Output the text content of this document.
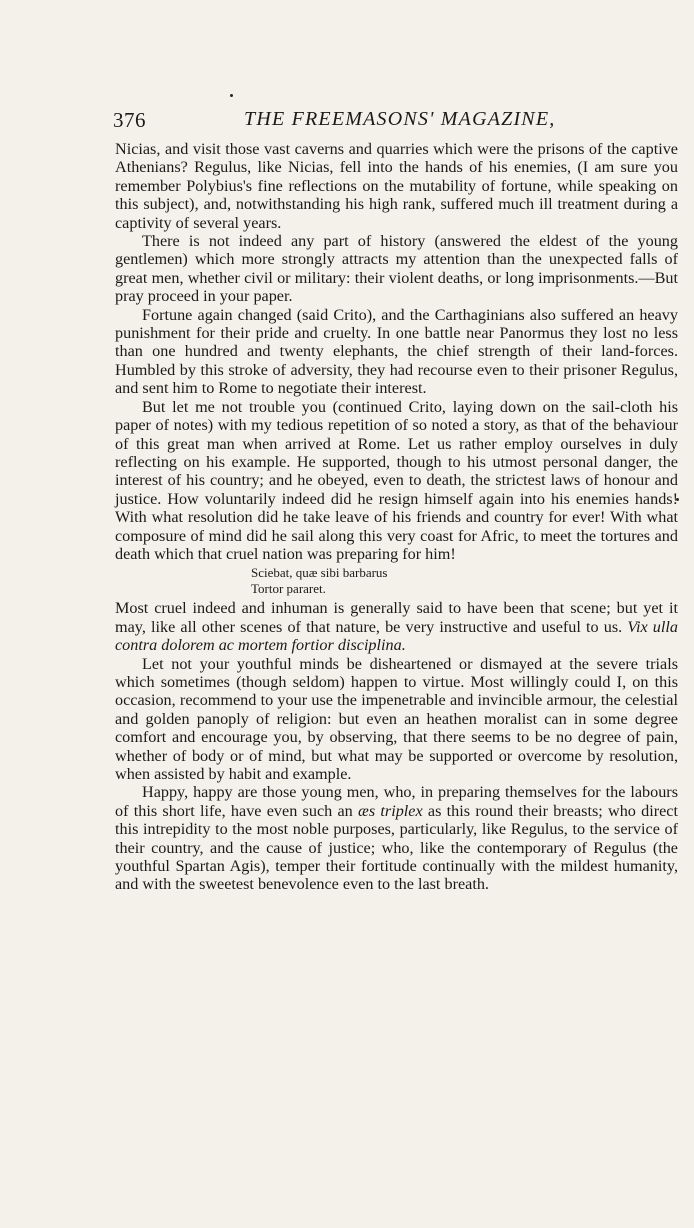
376	THE FREEMASONS' MAGAZINE,

Nicias, and visit those vast caverns and quarries which were the prisons of the captive Athenians? Regulus, like Nicias, fell into the hands of his enemies, (I am sure you remember Polybius's fine reflections on the mutability of fortune, while speaking on this subject), and, notwithstanding his high rank, suffered much ill treatment during a captivity of several years.

There is not indeed any part of history (answered the eldest of the young gentlemen) which more strongly attracts my attention than the unexpected falls of great men, whether civil or military: their violent deaths, or long imprisonments.—But pray proceed in your paper.

Fortune again changed (said Crito), and the Carthaginians also suffered an heavy punishment for their pride and cruelty. In one battle near Panormus they lost no less than one hundred and twenty elephants, the chief strength of their land-forces. Humbled by this stroke of adversity, they had recourse even to their prisoner Regulus, and sent him to Rome to negotiate their interest.

But let me not trouble you (continued Crito, laying down on the sail-cloth his paper of notes) with my tedious repetition of so noted a story, as that of the behaviour of this great man when arrived at Rome. Let us rather employ ourselves in duly reflecting on his example. He supported, though to his utmost personal danger, the interest of his country; and he obeyed, even to death, the strictest laws of honour and justice. How voluntarily indeed did he resign himself again into his enemies hands! With what resolution did he take leave of his friends and country for ever! With what composure of mind did he sail along this very coast for Afric, to meet the tortures and death which that cruel nation was preparing for him!

Sciebat, quæ sibi barbarus
Tortor pararet.

Most cruel indeed and inhuman is generally said to have been that scene; but yet it may, like all other scenes of that nature, be very instructive and useful to us. Vix ulla contra dolorem ac mortem fortior disciplina.

Let not your youthful minds be disheartened or dismayed at the severe trials which sometimes (though seldom) happen to virtue. Most willingly could I, on this occasion, recommend to your use the impenetrable and invincible armour, the celestial and golden panoply of religion: but even an heathen moralist can in some degree comfort and encourage you, by observing, that there seems to be no degree of pain, whether of body or of mind, but what may be supported or overcome by resolution, when assisted by habit and example.

Happy, happy are those young men, who, in preparing themselves for the labours of this short life, have even such an æs triplex as this round their breasts; who direct this intrepidity to the most noble purposes, particularly, like Regulus, to the service of their country, and the cause of justice; who, like the contemporary of Regulus (the youthful Spartan Agis), temper their fortitude continually with the mildest humanity, and with the sweetest benevolence even to the last breath.
